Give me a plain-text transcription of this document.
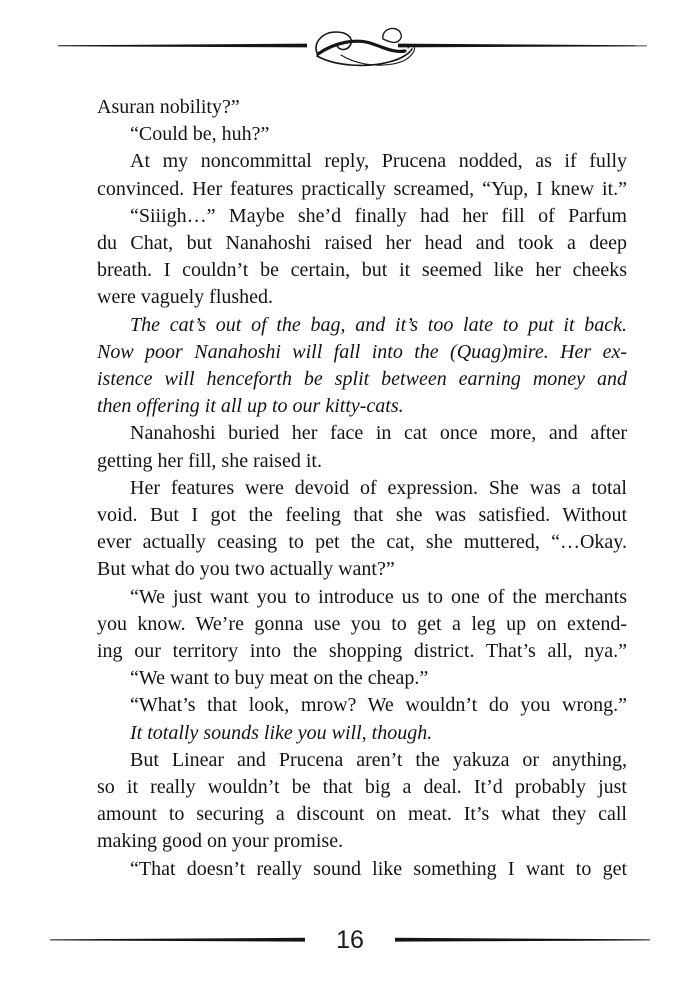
Asuran nobility?”
“Could be, huh?”
At my noncommittal reply, Prucena nodded, as if fully
convinced. Her features practically screamed, “Yup, I knew it.”
“Siiigh…” Maybe she’d finally had her fill of Parfum
du Chat, but Nanahoshi raised her head and took a deep
breath. I couldn’t be certain, but it seemed like her cheeks
were vaguely flushed.
The cat’s out of the bag, and it’s too late to put it back.
Now poor Nanahoshi will fall into the (Quag)mire. Her ex-
istence will henceforth be split between earning money and
then offering it all up to our kitty-cats.
Nanahoshi buried her face in cat once more, and after
getting her fill, she raised it.
Her features were devoid of expression. She was a total
void. But I got the feeling that she was satisfied. Without
ever actually ceasing to pet the cat, she muttered, “…Okay.
But what do you two actually want?”
“We just want you to introduce us to one of the merchants
you know. We’re gonna use you to get a leg up on extend-
ing our territory into the shopping district. That’s all, nya.”
“We want to buy meat on the cheap.”
“What’s that look, mrow? We wouldn’t do you wrong.”
It totally sounds like you will, though.
But Linear and Prucena aren’t the yakuza or anything,
so it really wouldn’t be that big a deal. It’d probably just
amount to securing a discount on meat. It’s what they call
making good on your promise.
“That doesn’t really sound like something I want to get
16
